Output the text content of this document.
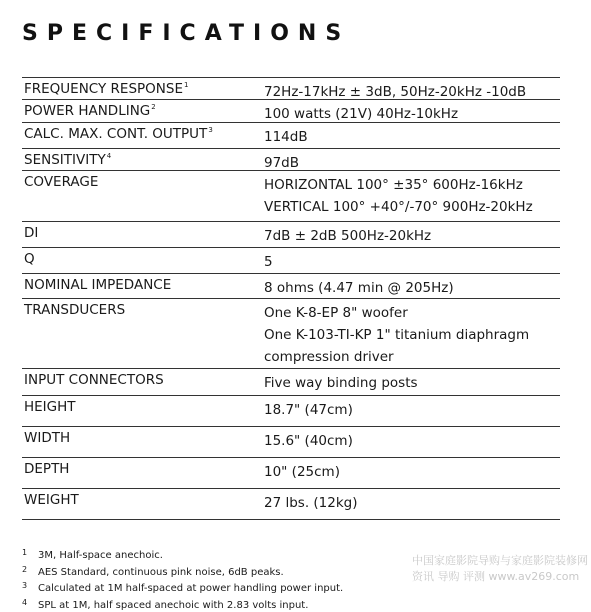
SPECIFICATIONS
FREQUENCY RESPONSE$^1$	72Hz-17kHz ± 3dB, 50Hz-20kHz -10dB
POWER HANDLING$^2$	100 watts (21V) 40Hz-10kHz
CALC. MAX. CONT. OUTPUT$^3$	114dB
SENSITIVITY$^4$	97dB
COVERAGE	HORIZONTAL 100° ±35° 600Hz-16kHz
VERTICAL 100° +40°/-70° 900Hz-20kHz
DI	7dB ± 2dB 500Hz-20kHz
Q	5
NOMINAL IMPEDANCE	8 ohms (4.47 min @ 205Hz)
TRANSDUCERS	One K-8-EP 8" woofer
One K-103-TI-KP 1" titanium diaphragm
compression driver
INPUT CONNECTORS	Five way binding posts
HEIGHT	18.7" (47cm)
WIDTH	15.6" (40cm)
DEPTH	10" (25cm)
WEIGHT	27 lbs. (12kg)
1 3M, Half-space anechoic.
2 AES Standard, continuous pink noise, 6dB peaks.
3 Calculated at 1M half-spaced at power handling power input.
4 SPL at 1M, half spaced anechoic with 2.83 volts input.
中国家庭影院导购与家庭影院装修网
资讯 导购 评测 www.av269.com
